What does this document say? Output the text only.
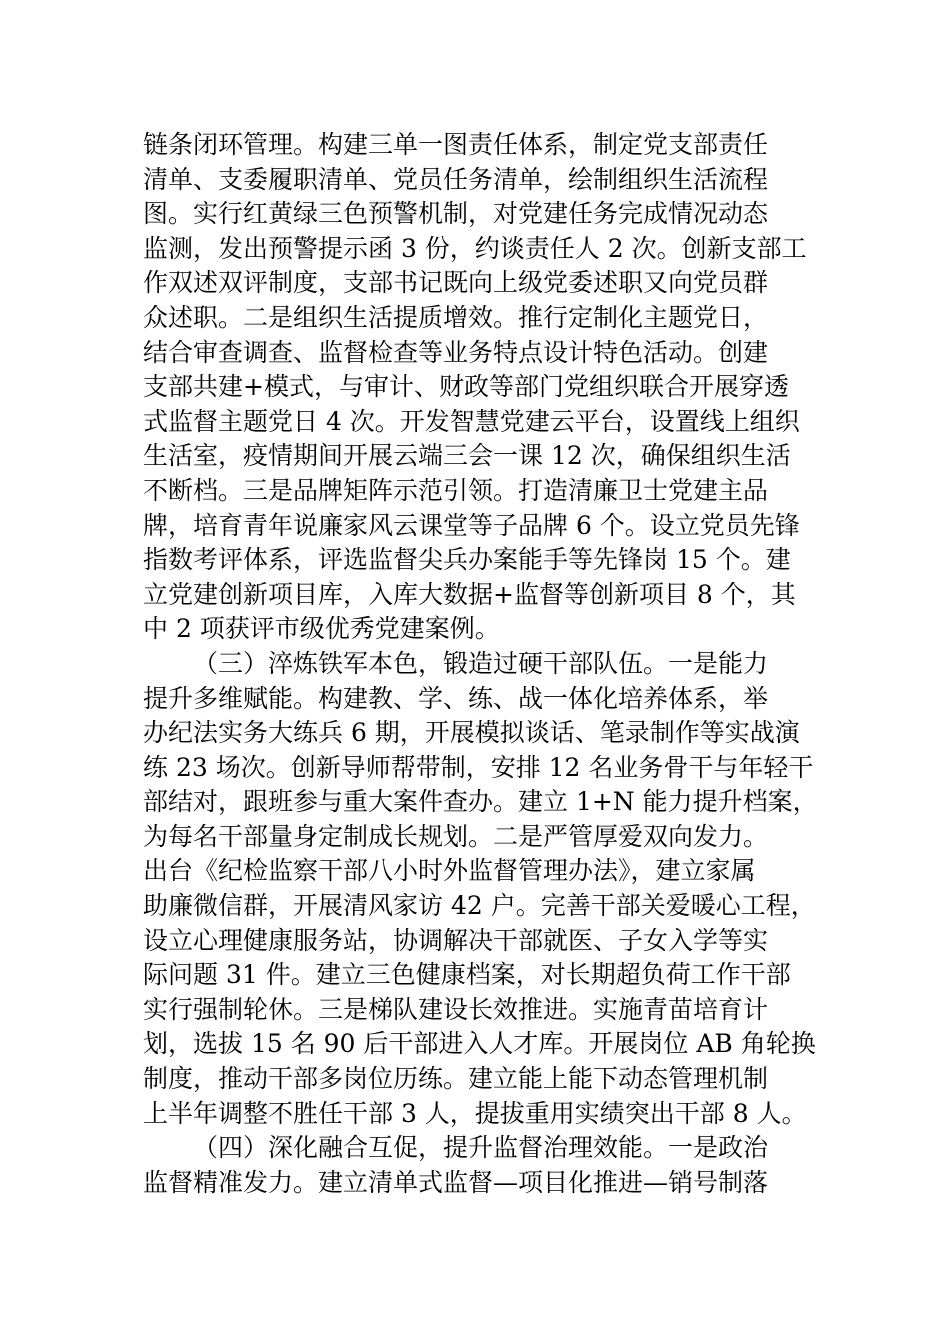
链条闭环管理。构建三单一图责任体系，制定党支部责任
清单、支委履职清单、党员任务清单，绘制组织生活流程
图。实行红黄绿三色预警机制，对党建任务完成情况动态
监测，发出预警提示函 3 份，约谈责任人 2 次。创新支部工
作双述双评制度，支部书记既向上级党委述职又向党员群
众述职。二是组织生活提质增效。推行定制化主题党日，
结合审查调查、监督检查等业务特点设计特色活动。创建
支部共建+模式，与审计、财政等部门党组织联合开展穿透
式监督主题党日 4 次。开发智慧党建云平台，设置线上组织
生活室，疫情期间开展云端三会一课 12 次，确保组织生活
不断档。三是品牌矩阵示范引领。打造清廉卫士党建主品
牌，培育青年说廉家风云课堂等子品牌 6 个。设立党员先锋
指数考评体系，评选监督尖兵办案能手等先锋岗 15 个。建
立党建创新项目库，入库大数据+监督等创新项目 8 个，其
中 2 项获评市级优秀党建案例。
（三）淬炼铁军本色，锻造过硬干部队伍。一是能力
提升多维赋能。构建教、学、练、战一体化培养体系，举
办纪法实务大练兵 6 期，开展模拟谈话、笔录制作等实战演
练 23 场次。创新导师帮带制，安排 12 名业务骨干与年轻干
部结对，跟班参与重大案件查办。建立 1+N 能力提升档案，
为每名干部量身定制成长规划。二是严管厚爱双向发力。
出台《纪检监察干部八小时外监督管理办法》，建立家属
助廉微信群，开展清风家访 42 户。完善干部关爱暖心工程，
设立心理健康服务站，协调解决干部就医、子女入学等实
际问题 31 件。建立三色健康档案，对长期超负荷工作干部
实行强制轮休。三是梯队建设长效推进。实施青苗培育计
划，选拔 15 名 90 后干部进入人才库。开展岗位 AB 角轮换
制度，推动干部多岗位历练。建立能上能下动态管理机制
上半年调整不胜任干部 3 人，提拔重用实绩突出干部 8 人。
（四）深化融合互促，提升监督治理效能。一是政治
监督精准发力。建立清单式监督—项目化推进—销号制落
